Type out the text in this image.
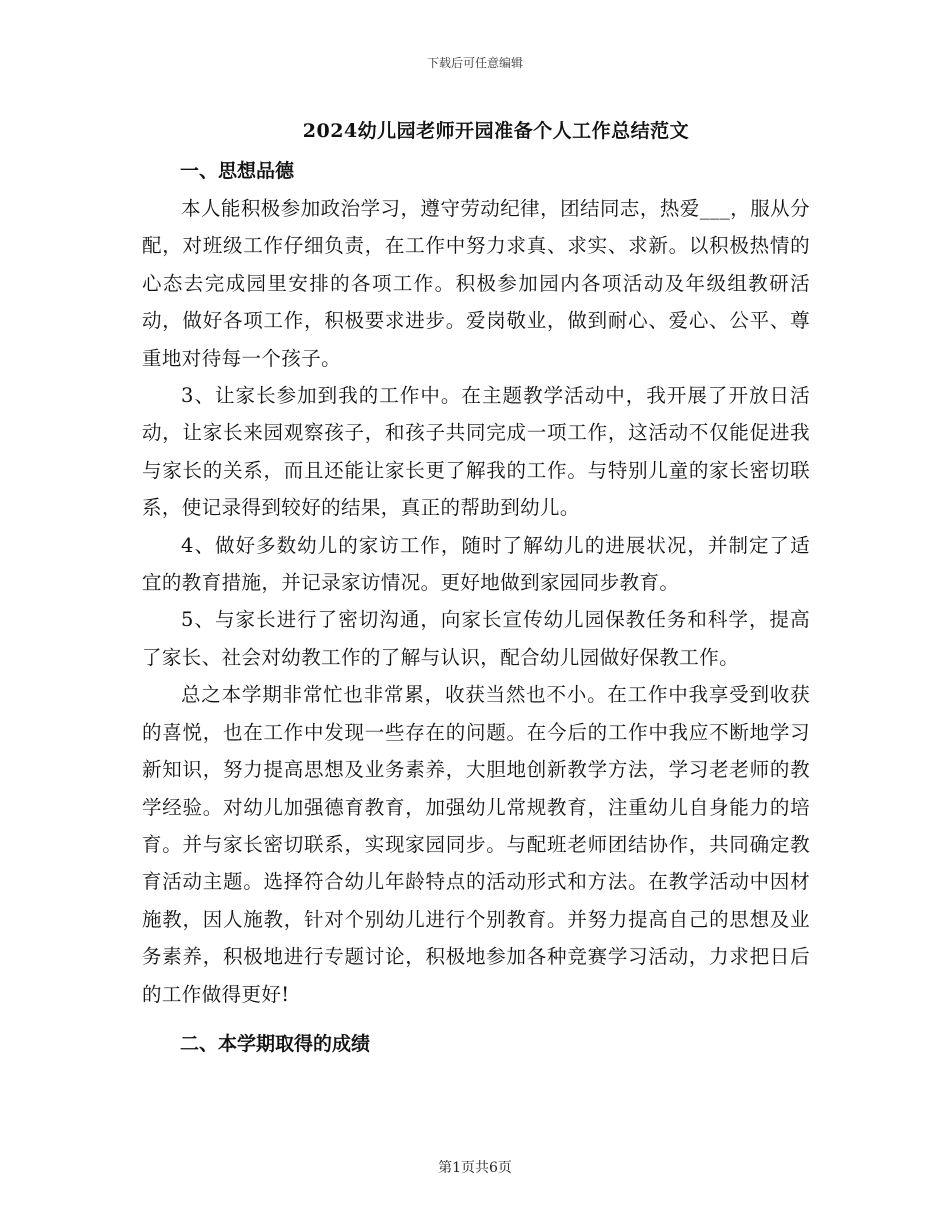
下载后可任意编辑
2024幼儿园老师开园准备个人工作总结范文
一、思想品德

本人能积极参加政治学习，遵守劳动纪律，团结同志，热爱___，服从分配，对班级工作仔细负责，在工作中努力求真、求实、求新。以积极热情的心态去完成园里安排的各项工作。积极参加园内各项活动及年级组教研活动，做好各项工作，积极要求进步。爱岗敬业，做到耐心、爱心、公平、尊重地对待每一个孩子。

3、让家长参加到我的工作中。在主题教学活动中，我开展了开放日活动，让家长来园观察孩子，和孩子共同完成一项工作，这活动不仅能促进我与家长的关系，而且还能让家长更了解我的工作。与特别儿童的家长密切联系，使记录得到较好的结果，真正的帮助到幼儿。

4、做好多数幼儿的家访工作，随时了解幼儿的进展状况，并制定了适宜的教育措施，并记录家访情况。更好地做到家园同步教育。

5、与家长进行了密切沟通，向家长宣传幼儿园保教任务和科学，提高了家长、社会对幼教工作的了解与认识，配合幼儿园做好保教工作。

总之本学期非常忙也非常累，收获当然也不小。在工作中我享受到收获的喜悦，也在工作中发现一些存在的问题。在今后的工作中我应不断地学习新知识，努力提高思想及业务素养，大胆地创新教学方法，学习老老师的教学经验。对幼儿加强德育教育，加强幼儿常规教育，注重幼儿自身能力的培育。并与家长密切联系，实现家园同步。与配班老师团结协作，共同确定教育活动主题。选择符合幼儿年龄特点的活动形式和方法。在教学活动中因材施教，因人施教，针对个别幼儿进行个别教育。并努力提高自己的思想及业务素养，积极地进行专题讨论，积极地参加各种竞赛学习活动，力求把日后的工作做得更好!

二、本学期取得的成绩
第1页共6页
